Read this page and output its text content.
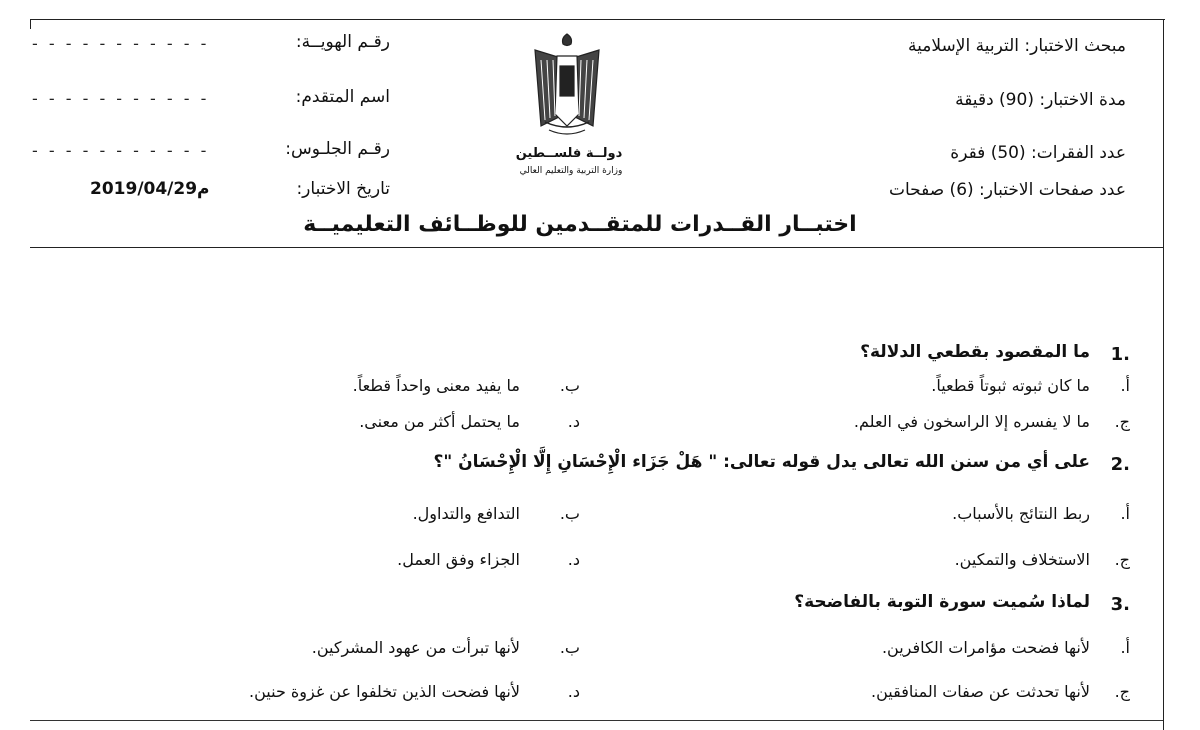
مبحث الاختبار: التربية الإسلامية
مدة الاختبار: (90) دقيقة
عدد الفقرات: (50) فقرة
عدد صفحات الاختبار: (6) صفحات
دولــة فلســطين
وزارة التربية والتعليم العالي
رقـم الهويــة:
- - - - - - - - - - -
اسم المتقدم:
- - - - - - - - - - -
رقـم الجلـوس:
- - - - - - - - - - -
تاريخ الاختبار:
2019/04/29م
اختبــار القــدرات للمتقــدمين للوظــائف التعليميــة
1.
ما المقصود بقطعي الدلالة؟
أ.
ما كان ثبوته ثبوتاً قطعياً.
ب.
ما يفيد معنى واحداً قطعاً.
ج.
ما لا يفسره إلا الراسخون في العلم.
د.
ما يحتمل أكثر من معنى.
2.
على أي من سنن الله تعالى يدل قوله تعالى: " هَلْ جَزَاء الْإِحْسَانِ إِلَّا الْإِحْسَانُ "؟
أ.
ربط النتائج بالأسباب.
ب.
التدافع والتداول.
ج.
الاستخلاف والتمكين.
د.
الجزاء وفق العمل.
3.
لماذا سُميت سورة التوبة بالفاضحة؟
أ.
لأنها فضحت مؤامرات الكافرين.
ب.
لأنها تبرأت من عهود المشركين.
ج.
لأنها تحدثت عن صفات المنافقين.
د.
لأنها فضحت الذين تخلفوا عن غزوة حنين.
